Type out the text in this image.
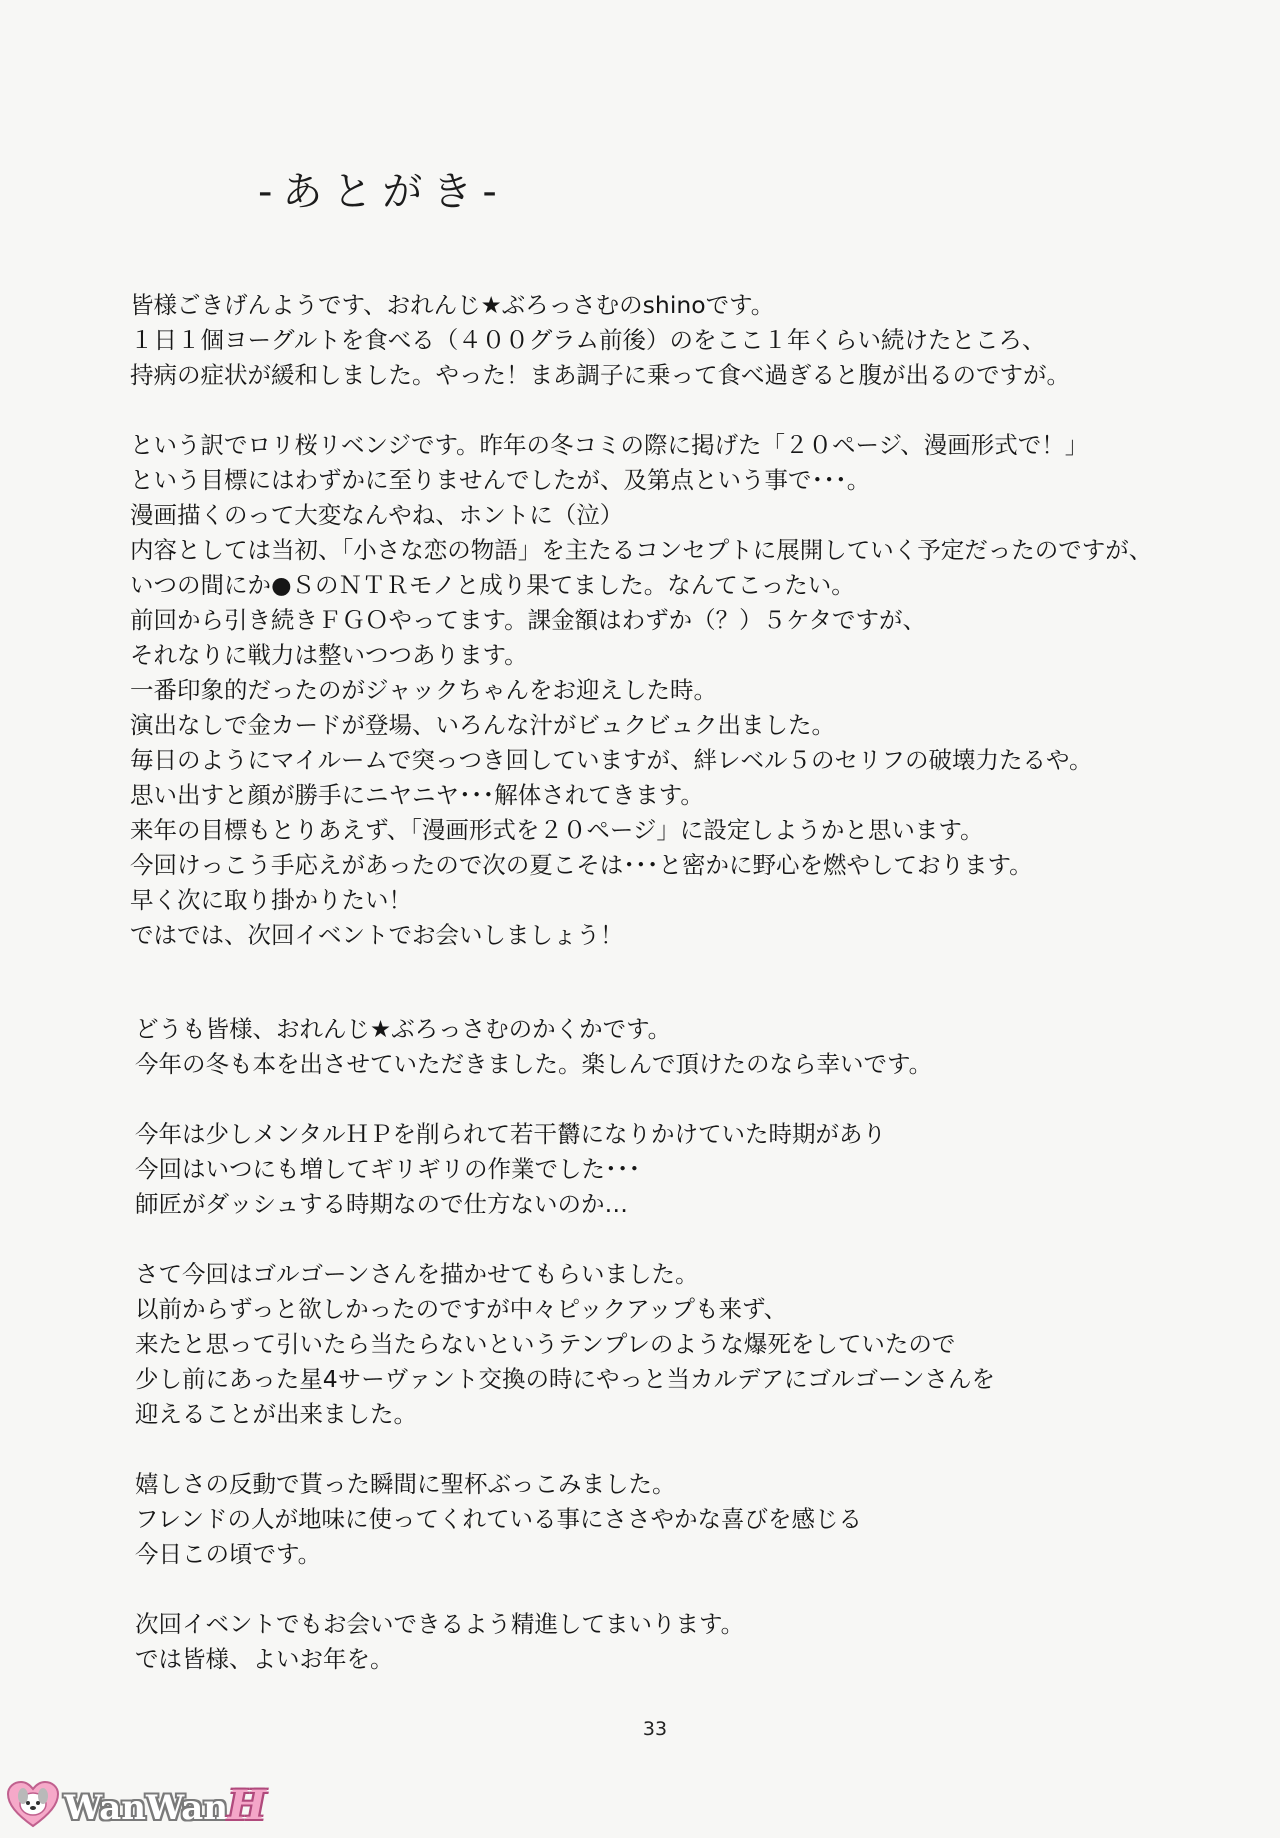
-あとがき-
皆様ごきげんようです、おれんじ★ぶろっさむのshinoです。
１日１個ヨーグルトを食べる（４００グラム前後）のをここ１年くらい続けたところ、
持病の症状が緩和しました。やった！まあ調子に乗って食べ過ぎると腹が出るのですが。
という訳でロリ桜リベンジです。昨年の冬コミの際に掲げた「２０ページ、漫画形式で！」
という目標にはわずかに至りませんでしたが、及第点という事で･･･。
漫画描くのって大変なんやね、ホントに（泣）
内容としては当初、「小さな恋の物語」を主たるコンセプトに展開していく予定だったのですが、
いつの間にか●ＳのＮＴＲモノと成り果てました。なんてこったい。
前回から引き続きＦＧＯやってます。課金額はわずか（？）５ケタですが、
それなりに戦力は整いつつあります。
一番印象的だったのがジャックちゃんをお迎えした時。
演出なしで金カードが登場、いろんな汁がビュクビュク出ました。
毎日のようにマイルームで突っつき回していますが、絆レベル５のセリフの破壊力たるや。
思い出すと顔が勝手にニヤニヤ･･･解体されてきます。
来年の目標もとりあえず、「漫画形式を２０ページ」に設定しようかと思います。
今回けっこう手応えがあったので次の夏こそは･･･と密かに野心を燃やしております。
早く次に取り掛かりたい！
ではでは、次回イベントでお会いしましょう！
どうも皆様、おれんじ★ぶろっさむのかくかです。
今年の冬も本を出させていただきました。楽しんで頂けたのなら幸いです。
今年は少しメンタルＨＰを削られて若干欝になりかけていた時期があり
今回はいつにも増してギリギリの作業でした･･･
師匠がダッシュする時期なので仕方ないのか…
さて今回はゴルゴーンさんを描かせてもらいました。
以前からずっと欲しかったのですが中々ピックアップも来ず、
来たと思って引いたら当たらないというテンプレのような爆死をしていたので
少し前にあった星4サーヴァント交換の時にやっと当カルデアにゴルゴーンさんを
迎えることが出来ました。
嬉しさの反動で貰った瞬間に聖杯ぶっこみました。
フレンドの人が地味に使ってくれている事にささやかな喜びを感じる
今日この頃です。
次回イベントでもお会いできるよう精進してまいります。
では皆様、よいお年を。
33
WanWanH
